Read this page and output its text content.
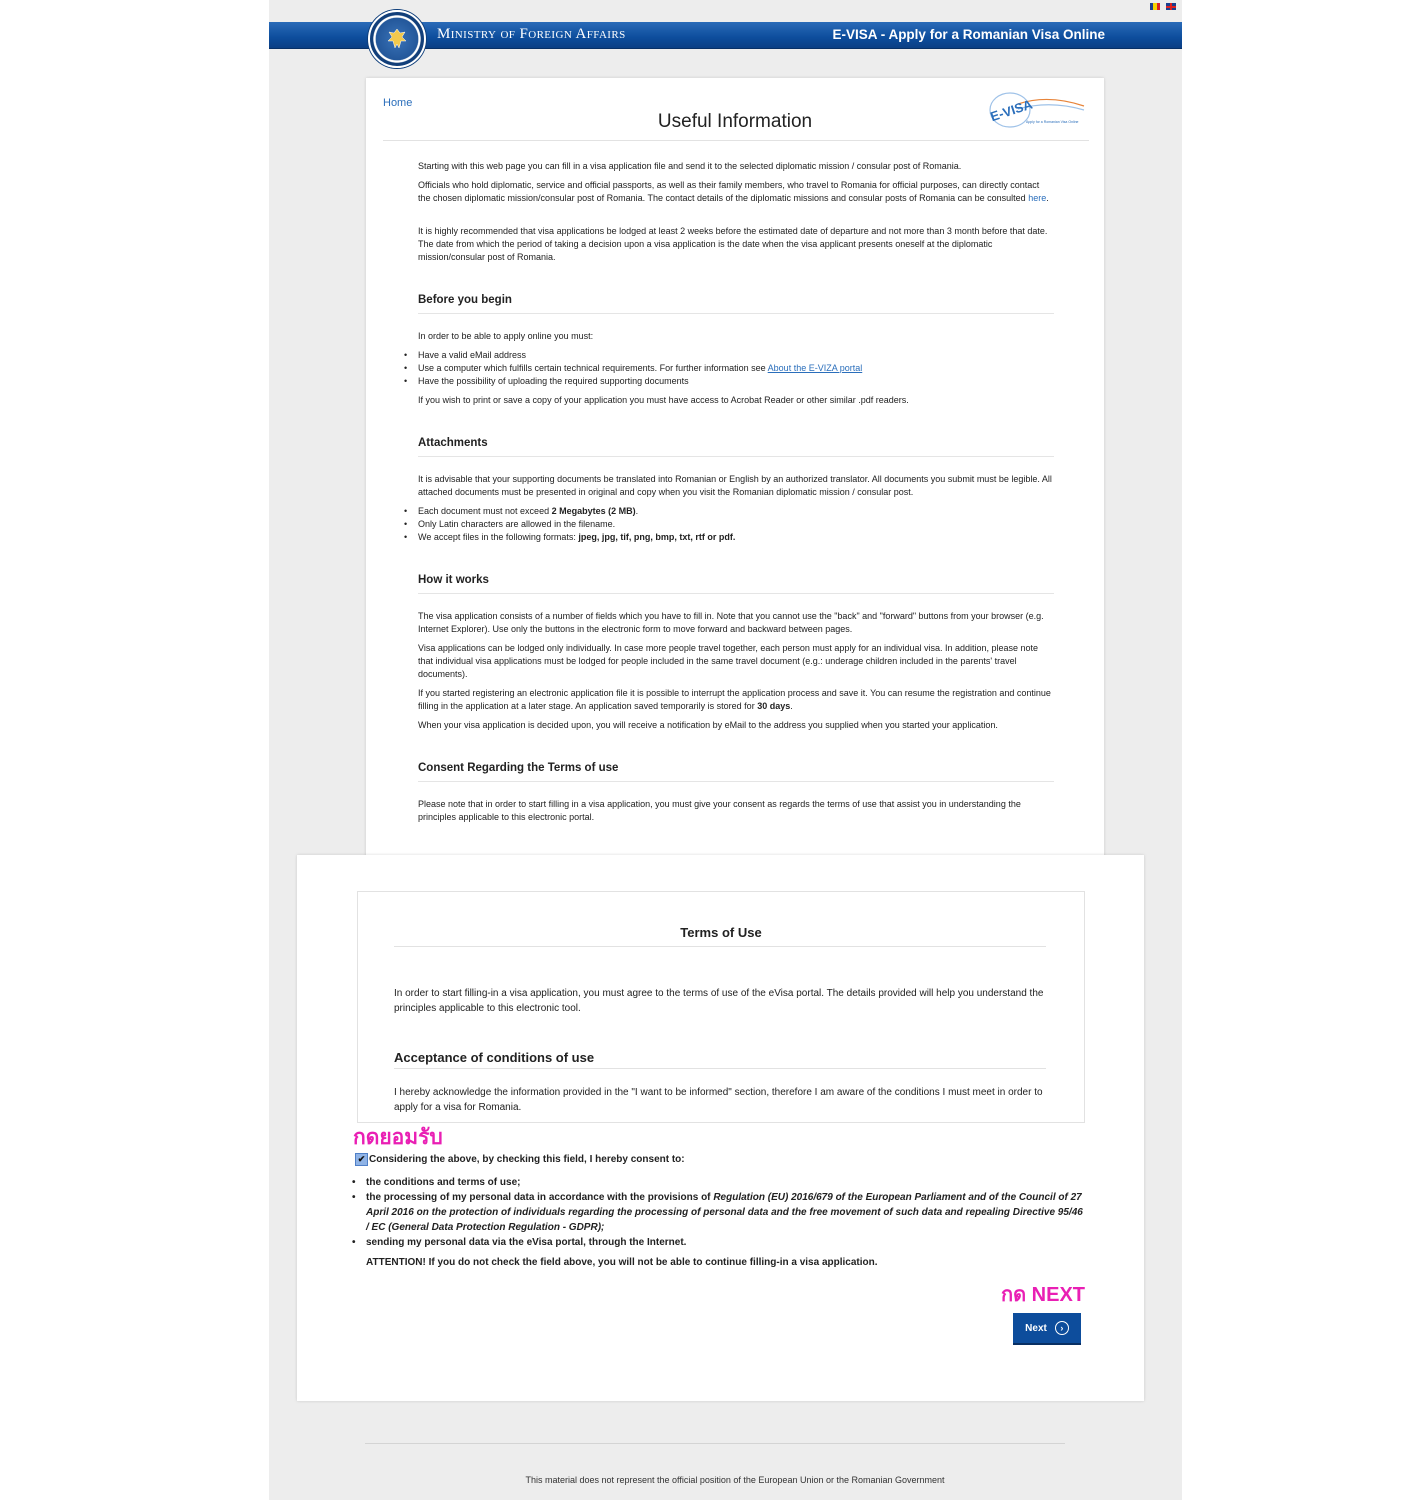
Ministry of Foreign Affairs	E-VISA - Apply for a Romanian Visa Online
Home
Useful Information	E-VISA
Apply for a Romanian Visa Online

Starting with this web page you can fill in a visa application file and send it to the selected diplomatic mission / consular post of Romania.

Officials who hold diplomatic, service and official passports, as well as their family members, who travel to Romania for official purposes, can directly contact the chosen diplomatic mission/consular post of Romania. The contact details of the diplomatic missions and consular posts of Romania can be consulted here.

It is highly recommended that visa applications be lodged at least 2 weeks before the estimated date of departure and not more than 3 month before that date. The date from which the period of taking a decision upon a visa application is the date when the visa applicant presents oneself at the diplomatic mission/consular post of Romania.

Before you begin

In order to be able to apply online you must:

• Have a valid eMail address
• Use a computer which fulfills certain technical requirements. For further information see About the E-VIZA portal
• Have the possibility of uploading the required supporting documents

If you wish to print or save a copy of your application you must have access to Acrobat Reader or other similar .pdf readers.

Attachments

It is advisable that your supporting documents be translated into Romanian or English by an authorized translator. All documents you submit must be legible. All attached documents must be presented in original and copy when you visit the Romanian diplomatic mission / consular post.

• Each document must not exceed 2 Megabytes (2 MB).
• Only Latin characters are allowed in the filename.
• We accept files in the following formats: jpeg, jpg, tif, png, bmp, txt, rtf or pdf.
How it works

The visa application consists of a number of fields which you have to fill in. Note that you cannot use the "back" and "forward" buttons from your browser (e.g. Internet Explorer). Use only the buttons in the electronic form to move forward and backward between pages.

Visa applications can be lodged only individually. In case more people travel together, each person must apply for an individual visa. In addition, please note that individual visa applications must be lodged for people included in the same travel document (e.g.: underage children included in the parents' travel documents).

If you started registering an electronic application file it is possible to interrupt the application process and save it. You can resume the registration and continue filling in the application at a later stage. An application saved temporarily is stored for 30 days.

When your visa application is decided upon, you will receive a notification by eMail to the address you supplied when you started your application.

Consent Regarding the Terms of use

Please note that in order to start filling in a visa application, you must give your consent as regards the terms of use that assist you in understanding the principles applicable to this electronic portal.

Terms of Use
In order to start filling-in a visa application, you must agree to the terms of use of the eVisa portal. The details provided will help you understand the principles applicable to this electronic tool.
Acceptance of conditions of use
I hereby acknowledge the information provided in the "I want to be informed" section, therefore I am aware of the conditions I must meet in order to apply for a visa for Romania.
กดยอมรับ
✔ Considering the above, by checking this field, I hereby consent to:
• the conditions and terms of use;
• the processing of my personal data in accordance with the provisions of Regulation (EU) 2016/679 of the European Parliament and of the Council of 27 April 2016 on the protection of individuals regarding the processing of personal data and the free movement of such data and repealing Directive 95/46 / EC (General Data Protection Regulation - GDPR);
• sending my personal data via the eVisa portal, through the Internet.
ATTENTION! If you do not check the field above, you will not be able to continue filling-in a visa application.
กด NEXT
Next	›
This material does not represent the official position of the European Union or the Romanian Government
